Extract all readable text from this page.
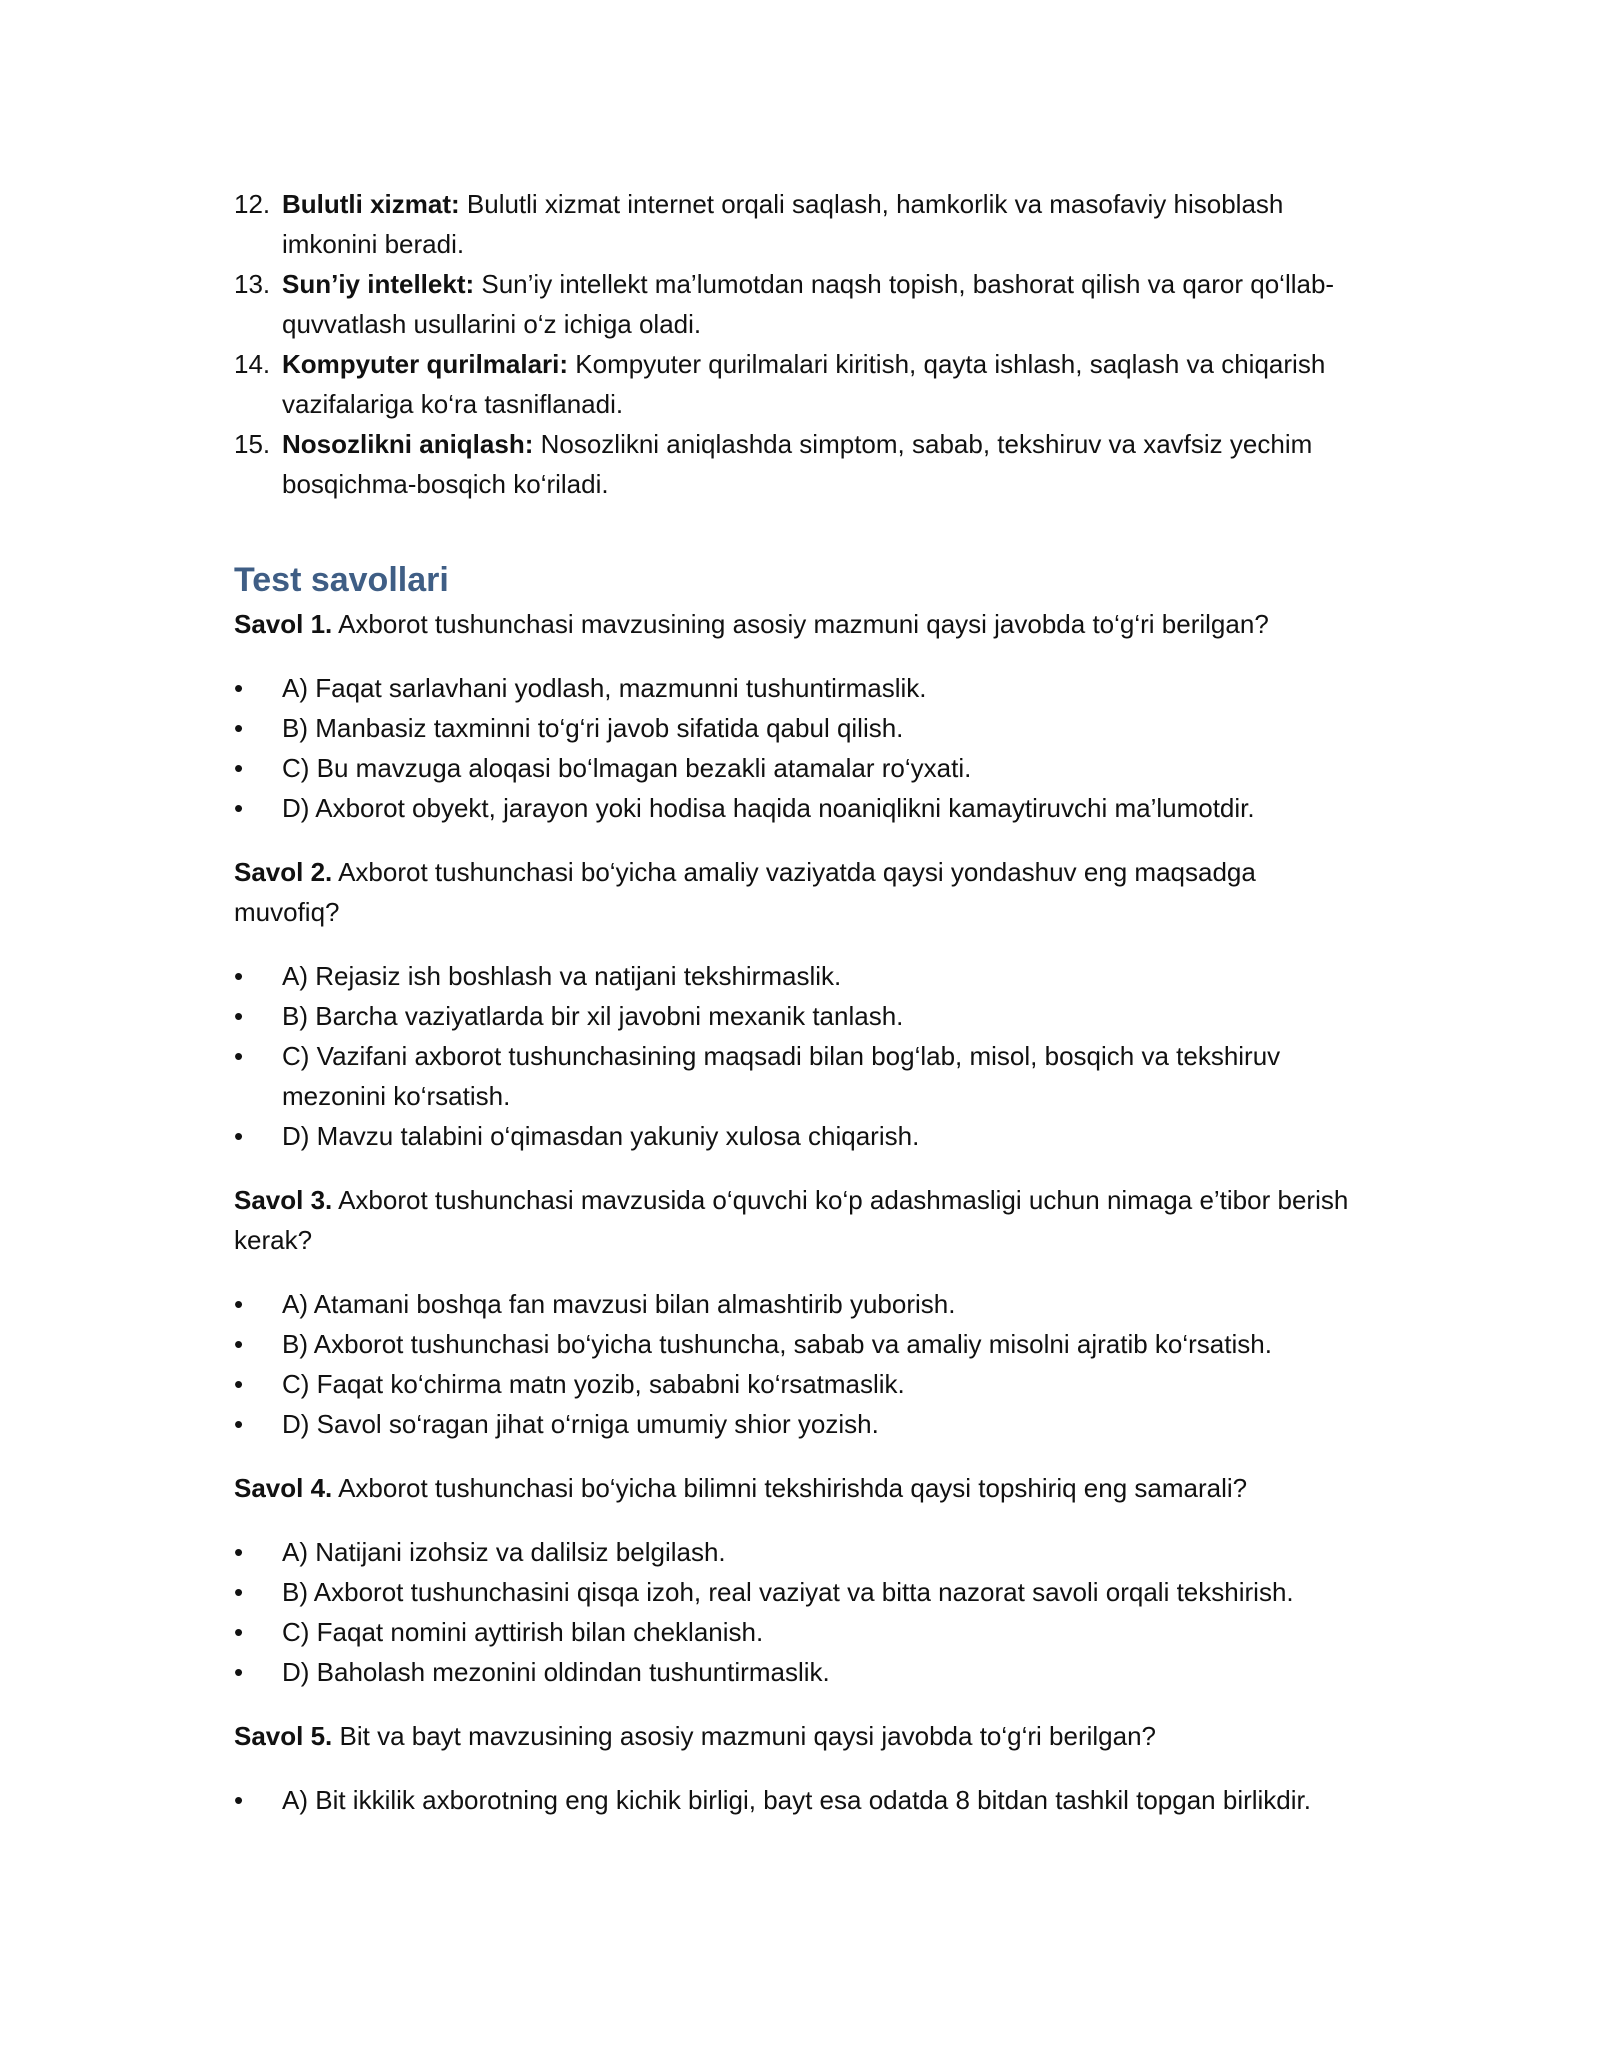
12. Bulutli xizmat: Bulutli xizmat internet orqali saqlash, hamkorlik va masofaviy hisoblash imkonini beradi.
13. Sun’iy intellekt: Sun’iy intellekt ma’lumotdan naqsh topish, bashorat qilish va qaror qo‘llab-quvvatlash usullarini o‘z ichiga oladi.
14. Kompyuter qurilmalari: Kompyuter qurilmalari kiritish, qayta ishlash, saqlash va chiqarish vazifalariga ko‘ra tasniflanadi.
15. Nosozlikni aniqlash: Nosozlikni aniqlashda simptom, sabab, tekshiruv va xavfsiz yechim bosqichma-bosqich ko‘riladi.
Test savollari

Savol 1. Axborot tushunchasi mavzusining asosiy mazmuni qaysi javobda to‘g‘ri berilgan?

• A) Faqat sarlavhani yodlash, mazmunni tushuntirmaslik.
• B) Manbasiz taxminni to‘g‘ri javob sifatida qabul qilish.
• C) Bu mavzuga aloqasi bo‘lmagan bezakli atamalar ro‘yxati.
• D) Axborot obyekt, jarayon yoki hodisa haqida noaniqlikni kamaytiruvchi ma’lumotdir.

Savol 2. Axborot tushunchasi bo‘yicha amaliy vaziyatda qaysi yondashuv eng maqsadga muvofiq?

• A) Rejasiz ish boshlash va natijani tekshirmaslik.
• B) Barcha vaziyatlarda bir xil javobni mexanik tanlash.
• C) Vazifani axborot tushunchasining maqsadi bilan bog‘lab, misol, bosqich va tekshiruv mezonini ko‘rsatish.
• D) Mavzu talabini o‘qimasdan yakuniy xulosa chiqarish.

Savol 3. Axborot tushunchasi mavzusida o‘quvchi ko‘p adashmasligi uchun nimaga e’tibor berish kerak?

• A) Atamani boshqa fan mavzusi bilan almashtirib yuborish.
• B) Axborot tushunchasi bo‘yicha tushuncha, sabab va amaliy misolni ajratib ko‘rsatish.
• C) Faqat ko‘chirma matn yozib, sababni ko‘rsatmaslik.
• D) Savol so‘ragan jihat o‘rniga umumiy shior yozish.

Savol 4. Axborot tushunchasi bo‘yicha bilimni tekshirishda qaysi topshiriq eng samarali?

• A) Natijani izohsiz va dalilsiz belgilash.
• B) Axborot tushunchasini qisqa izoh, real vaziyat va bitta nazorat savoli orqali tekshirish.
• C) Faqat nomini ayttirish bilan cheklanish.
• D) Baholash mezonini oldindan tushuntirmaslik.

Savol 5. Bit va bayt mavzusining asosiy mazmuni qaysi javobda to‘g‘ri berilgan?

• A) Bit ikkilik axborotning eng kichik birligi, bayt esa odatda 8 bitdan tashkil topgan birlikdir.
